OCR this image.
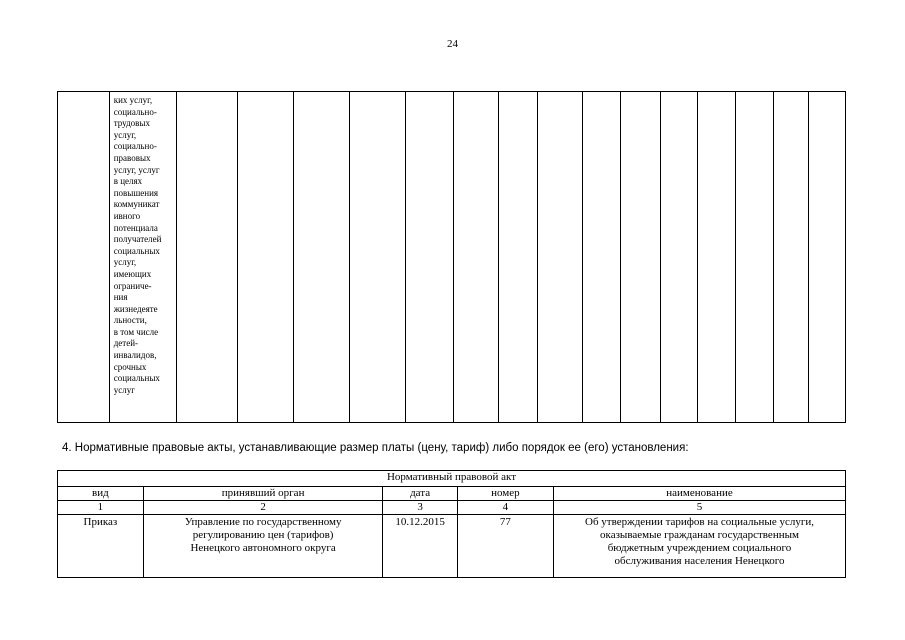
24

ких услуг,
социально-
трудовых
услуг,
социально-
правовых
услуг, услуг
в целях
повышения
коммуникат
ивного
потенциала
получателей
социальных
услуг,
имеющих
ограниче-
ния
жизнедеяте
льности,
в том числе
детей-
инвалидов,
срочных
социальных
услуг

4. Нормативные правовые акты, устанавливающие размер платы (цену, тариф) либо порядок ее (его) установления:
Нормативный правовой акт				
вид	принявший орган	дата	номер	наименование
1	2	3	4	5
Приказ	Управление по государственному
регулированию цен (тарифов)
Ненецкого автономного округа	10.12.2015	77	Об утверждении тарифов на социальные услуги,
оказываемые гражданам государственным
бюджетным учреждением социального
обслуживания населения Ненецкого
